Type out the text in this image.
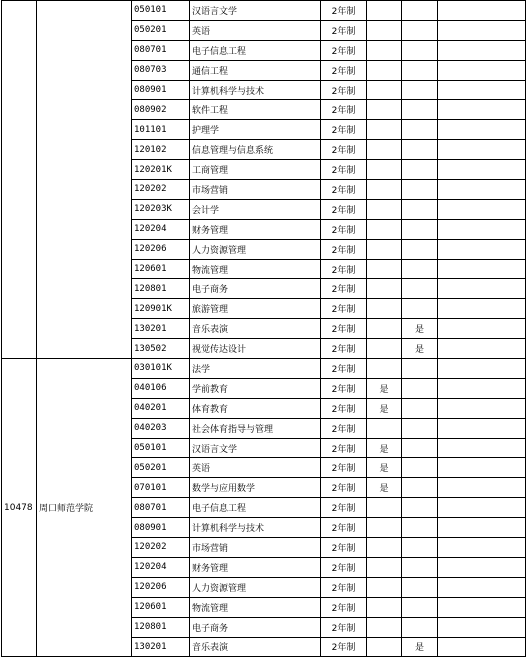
		050101	汉语言文学	2年制			
		050201	英语	2年制			
		080701	电子信息工程	2年制			
		080703	通信工程	2年制			
		080901	计算机科学与技术	2年制			
		080902	软件工程	2年制			
		101101	护理学	2年制			
		120102	信息管理与信息系统	2年制			
		120201K	工商管理	2年制			
		120202	市场营销	2年制			
		120203K	会计学	2年制			
		120204	财务管理	2年制			
		120206	人力资源管理	2年制			
		120601	物流管理	2年制			
		120801	电子商务	2年制			
		120901K	旅游管理	2年制			
		130201	音乐表演	2年制		是	
		130502	视觉传达设计	2年制		是	
10478	周口师范学院	030101K	法学	2年制			
		040106	学前教育	2年制	是		
		040201	体育教育	2年制	是		
		040203	社会体育指导与管理	2年制			
		050101	汉语言文学	2年制	是		
		050201	英语	2年制	是		
		070101	数学与应用数学	2年制	是		
		080701	电子信息工程	2年制			
		080901	计算机科学与技术	2年制			
		120202	市场营销	2年制			
		120204	财务管理	2年制			
		120206	人力资源管理	2年制			
		120601	物流管理	2年制			
		120801	电子商务	2年制			
		130201	音乐表演	2年制		是	
